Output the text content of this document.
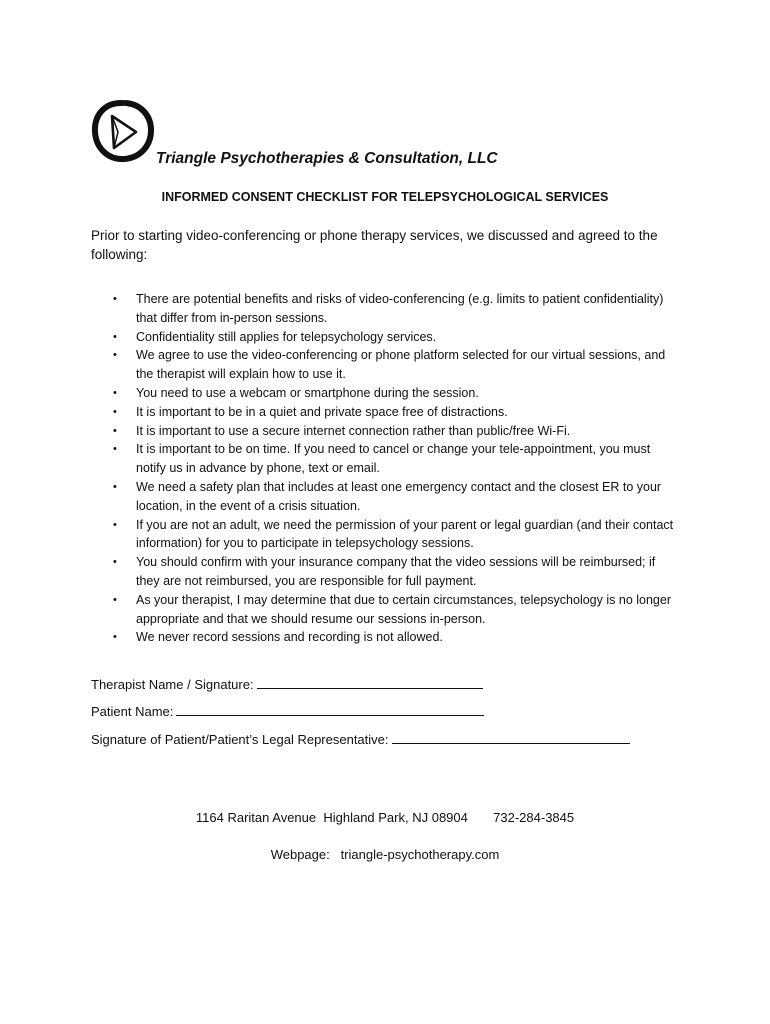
Triangle Psychotherapies & Consultation, LLC
INFORMED CONSENT CHECKLIST FOR TELEPSYCHOLOGICAL SERVICES
Prior to starting video-conferencing or phone therapy services, we discussed and agreed to the following:
• There are potential benefits and risks of video-conferencing (e.g. limits to patient confidentiality) that differ from in-person sessions.
• Confidentiality still applies for telepsychology services.
• We agree to use the video-conferencing or phone platform selected for our virtual sessions, and the therapist will explain how to use it.
• You need to use a webcam or smartphone during the session.
• It is important to be in a quiet and private space free of distractions.
• It is important to use a secure internet connection rather than public/free Wi-Fi.
• It is important to be on time. If you need to cancel or change your tele-appointment, you must notify us in advance by phone, text or email.
• We need a safety plan that includes at least one emergency contact and the closest ER to your location, in the event of a crisis situation.
• If you are not an adult, we need the permission of your parent or legal guardian (and their contact information) for you to participate in telepsychology sessions.
• You should confirm with your insurance company that the video sessions will be reimbursed; if they are not reimbursed, you are responsible for full payment.
• As your therapist, I may determine that due to certain circumstances, telepsychology is no longer appropriate and that we should resume our sessions in-person.
• We never record sessions and recording is not allowed.
Therapist Name / Signature:
Patient Name:
Signature of Patient/Patient’s Legal Representative:
1164 Raritan Avenue  Highland Park, NJ 08904       732-284-3845
Webpage:   triangle-psychotherapy.com
